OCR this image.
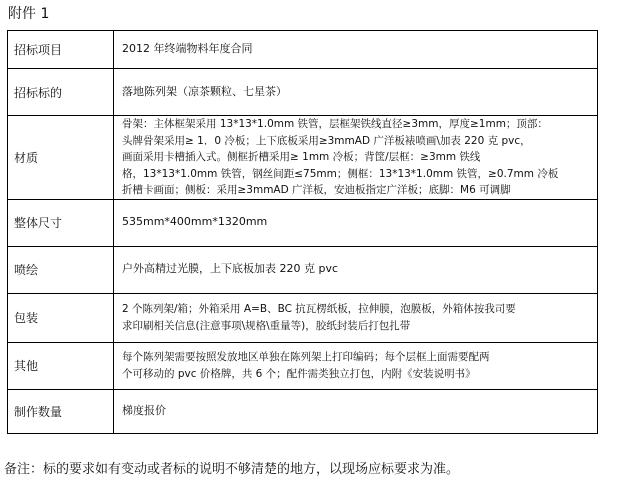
附件 1
招标项目	2012 年终端物料年度合同

招标标的	落地陈列架（凉茶颗粒、七星茶）

材质	骨架：主体框架采用 13*13*1.0mm 铁管，层框架铁线直径≥3mm，厚度≥1mm；顶部：
头牌骨架采用≥ 1．0 冷板；上下底板采用≥3mmAD 广洋板裱喷画\加表 220 克 pvc，
画面采用卡槽插入式。侧框折槽采用≥ 1mm 冷板；背筐/层框：≥3mm 铁线
格，13*13*1.0mm 铁管，钢丝间距≤75mm；侧框：13*13*1.0mm 铁管，≥0.7mm 冷板
折槽卡画面；侧板：采用≥3mmAD 广洋板，安迪板指定广洋板；底脚：M6 可调脚

整体尺寸	535mm*400mm*1320mm

喷绘	户外高精过光膜，上下底板加表 220 克 pvc

包装	2 个陈列架/箱；外箱采用 A=B、BC 抗瓦楞纸板，拉伸膜，泡膜板，外箱体按我司要
求印刷相关信息(注意事项\规格\重量等)，胶纸封装后打包扎带

其他	每个陈列架需要按照发放地区单独在陈列架上打印编码；每个层框上面需要配两
个可移动的 pvc 价格牌，共 6 个；配件需类独立打包，内附《安装说明书》

制作数量	梯度报价
备注：标的要求如有变动或者标的说明不够清楚的地方，以现场应标要求为准。
